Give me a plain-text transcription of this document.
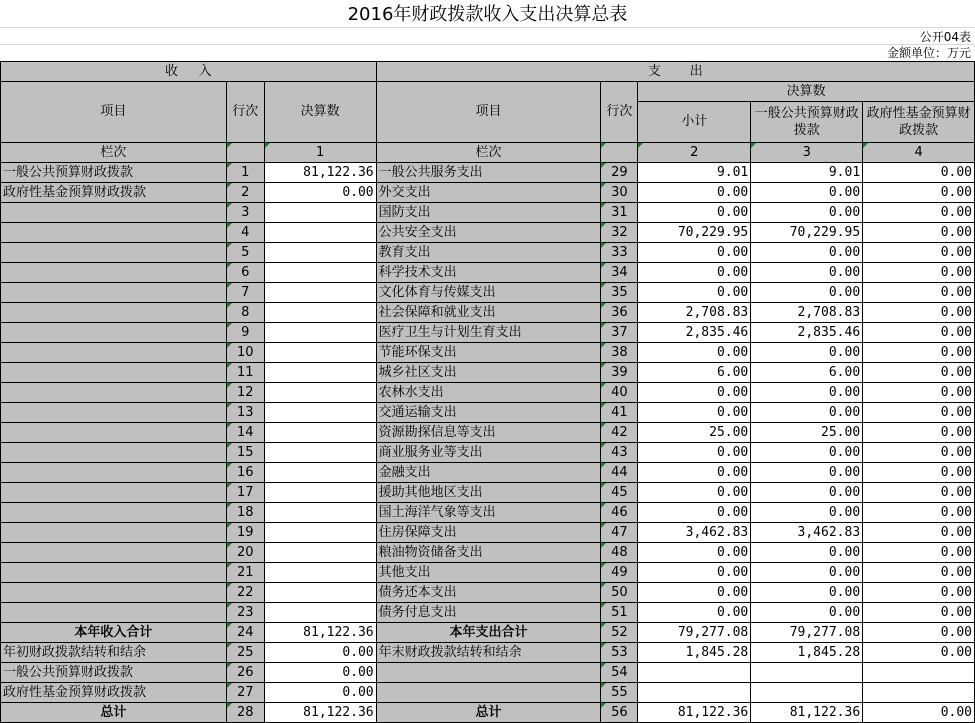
2016年财政拨款收入支出决算总表
公开04表
金额单位：万元
收     入			支       出				
项目	行次	决算数	项目	行次	决算数		
					小计	一般公共预算财政拨款	政府性基金预算财政拨款
栏次		1	栏次		2	3	4
一般公共预算财政拨款	1	81,122.36	一般公共服务支出	29	9.01	9.01	0.00
政府性基金预算财政拨款	2	0.00	外交支出	30	0.00	0.00	0.00
	3		国防支出	31	0.00	0.00	0.00
	4		公共安全支出	32	70,229.95	70,229.95	0.00
	5		教育支出	33	0.00	0.00	0.00
	6		科学技术支出	34	0.00	0.00	0.00
	7		文化体育与传媒支出	35	0.00	0.00	0.00
	8		社会保障和就业支出	36	2,708.83	2,708.83	0.00
	9		医疗卫生与计划生育支出	37	2,835.46	2,835.46	0.00
	10		节能环保支出	38	0.00	0.00	0.00
	11		城乡社区支出	39	6.00	6.00	0.00
	12		农林水支出	40	0.00	0.00	0.00
	13		交通运输支出	41	0.00	0.00	0.00
	14		资源勘探信息等支出	42	25.00	25.00	0.00
	15		商业服务业等支出	43	0.00	0.00	0.00
	16		金融支出	44	0.00	0.00	0.00
	17		援助其他地区支出	45	0.00	0.00	0.00
	18		国土海洋气象等支出	46	0.00	0.00	0.00
	19		住房保障支出	47	3,462.83	3,462.83	0.00
	20		粮油物资储备支出	48	0.00	0.00	0.00
	21		其他支出	49	0.00	0.00	0.00
	22		债务还本支出	50	0.00	0.00	0.00
	23		债务付息支出	51	0.00	0.00	0.00
本年收入合计	24	81,122.36	本年支出合计	52	79,277.08	79,277.08	0.00
年初财政拨款结转和结余	25	0.00	年末财政拨款结转和结余	53	1,845.28	1,845.28	0.00
一般公共预算财政拨款	26	0.00		54			
政府性基金预算财政拨款	27	0.00		55			
总计	28	81,122.36	总计	56	81,122.36	81,122.36	0.00
